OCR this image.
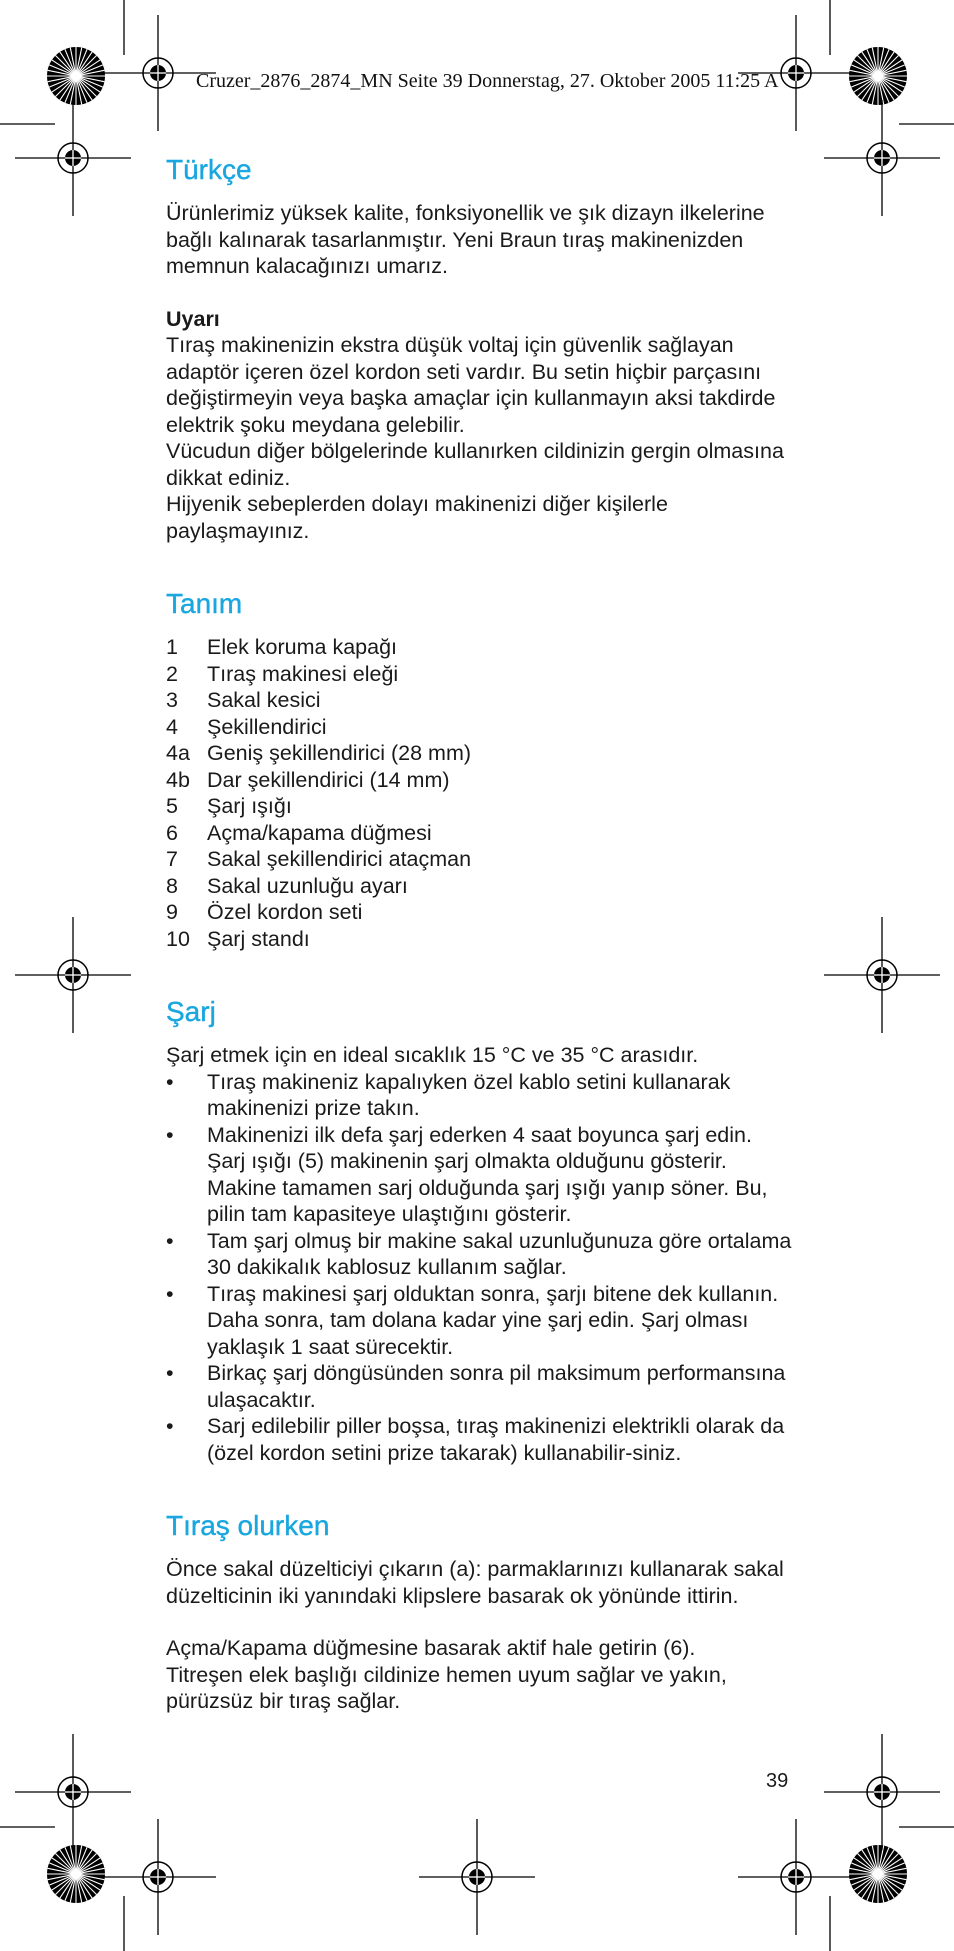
Cruzer_2876_2874_MN Seite 39 Donnerstag, 27. Oktober 2005 11:25 A
Türkçe

Ürünlerimiz yüksek kalite, fonksiyonellik ve şık dizayn ilkelerine bağlı kalınarak tasarlanmıştır. Yeni Braun tıraş makinenizden memnun kalacağınızı umarız.

Uyarı

Tıraş makinenizin ekstra düşük voltaj için güvenlik sağlayan adaptör içeren özel kordon seti vardır. Bu setin hiçbir parçasını değiştirmeyin veya başka amaçlar için kullanmayın aksi takdirde elektrik şoku meydana gelebilir.

Vücudun diğer bölgelerinde kullanırken cildinizin gergin olmasına dikkat ediniz.

Hijyenik sebeplerden dolayı makinenizi diğer kişilerle paylaşmayınız.

Tanım
1	Elek koruma kapağı
2	Tıraş makinesi eleği
3	Sakal kesici
4	Şekillendirici
4a Geniş şekillendirici (28 mm)
4b Dar şekillendirici (14 mm)
5	Şarj ışığı
6	Açma/kapama düğmesi
7	Sakal şekillendirici ataçman
8	Sakal uzunluğu ayarı
9	Özel kordon seti
10 Şarj standı
Şarj

Şarj etmek için en ideal sıcaklık 15 °C ve 35 °C arasıdır.

•	Tıraş makineniz kapalıyken özel kablo setini kullanarak makinenizi prize takın.
•	Makinenizi ilk defa şarj ederken 4 saat boyunca şarj edin. Şarj ışığı (5) makinenin şarj olmakta olduğunu gösterir. Makine tamamen sarj olduğunda şarj ışığı yanıp söner. Bu, pilin tam kapasiteye ulaştığını gösterir.
•	Tam şarj olmuş bir makine sakal uzunluğunuza göre ortalama 30 dakikalık kablosuz kullanım sağlar.
•	Tıraş makinesi şarj olduktan sonra, şarjı bitene dek kullanın. Daha sonra, tam dolana kadar yine şarj edin. Şarj olması yaklaşık 1 saat sürecektir.
•	Birkaç şarj döngüsünden sonra pil maksimum performansına ulaşacaktır.
•	Sarj edilebilir piller boşsa, tıraş makinenizi elektrikli olarak da (özel kordon setini prize takarak) kullanabilir-siniz.
Tıraş olurken

Önce sakal düzelticiyi çıkarın (a): parmaklarınızı kullanarak sakal düzelticinin iki yanındaki klipslere basarak ok yönünde ittirin.

Açma/Kapama düğmesine basarak aktif hale getirin (6).

Titreşen elek başlığı cildinize hemen uyum sağlar ve yakın, pürüzsüz bir tıraş sağlar.

39
